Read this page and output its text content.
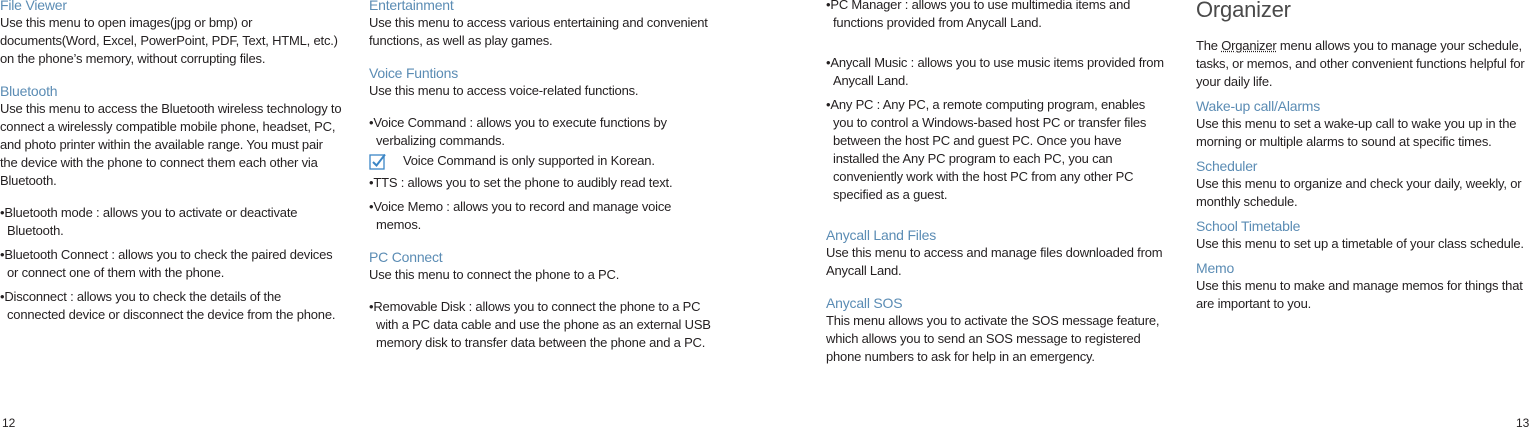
File Viewer

Use this menu to open images(jpg or bmp) or documents(Word, Excel, PowerPoint, PDF, Text, HTML, etc.) on the phone’s memory, without corrupting files.

Bluetooth

Use this menu to access the Bluetooth wireless technology to connect a wirelessly compatible mobile phone, headset, PC, and photo printer within the available range. You must pair the device with the phone to connect them each other via Bluetooth.

•Bluetooth mode : allows you to activate or deactivate Bluetooth.

•Bluetooth Connect : allows you to check the paired devices or connect one of them with the phone.

•Disconnect : allows you to check the details of the connected device or disconnect the device from the phone.

Entertainment

Use this menu to access various entertaining and convenient functions, as well as play games.

Voice Funtions

Use this menu to access voice-related functions.

•Voice Command : allows you to execute functions by verbalizing commands.

Voice Command is only supported in Korean.

•TTS : allows you to set the phone to audibly read text.

•Voice Memo : allows you to record and manage voice memos.

PC Connect

Use this menu to connect the phone to a PC.

•Removable Disk : allows you to connect the phone to a PC with a PC data cable and use the phone as an external USB memory disk to transfer data between the phone and a PC.

12

•PC Manager : allows you to use multimedia items and functions provided from Anycall Land.

•Anycall Music : allows you to use music items provided from Anycall Land.

•Any PC : Any PC, a remote computing program, enables you to control a Windows-based host PC or transfer files between the host PC and guest PC. Once you have installed the Any PC program to each PC, you can conveniently work with the host PC from any other PC specified as a guest.

Anycall Land Files

Use this menu to access and manage files downloaded from Anycall Land.

Anycall SOS

This menu allows you to activate the SOS message feature, which allows you to send an SOS message to registered phone numbers to ask for help in an emergency.

Organizer

The Organizer menu allows you to manage your schedule, tasks, or memos, and other convenient functions helpful for your daily life.

Wake-up call/Alarms

Use this menu to set a wake-up call to wake you up in the morning or multiple alarms to sound at specific times.

Scheduler

Use this menu to organize and check your daily, weekly, or monthly schedule.

School Timetable

Use this menu to set up a timetable of your class schedule.

Memo

Use this menu to make and manage memos for things that are important to you.

13
